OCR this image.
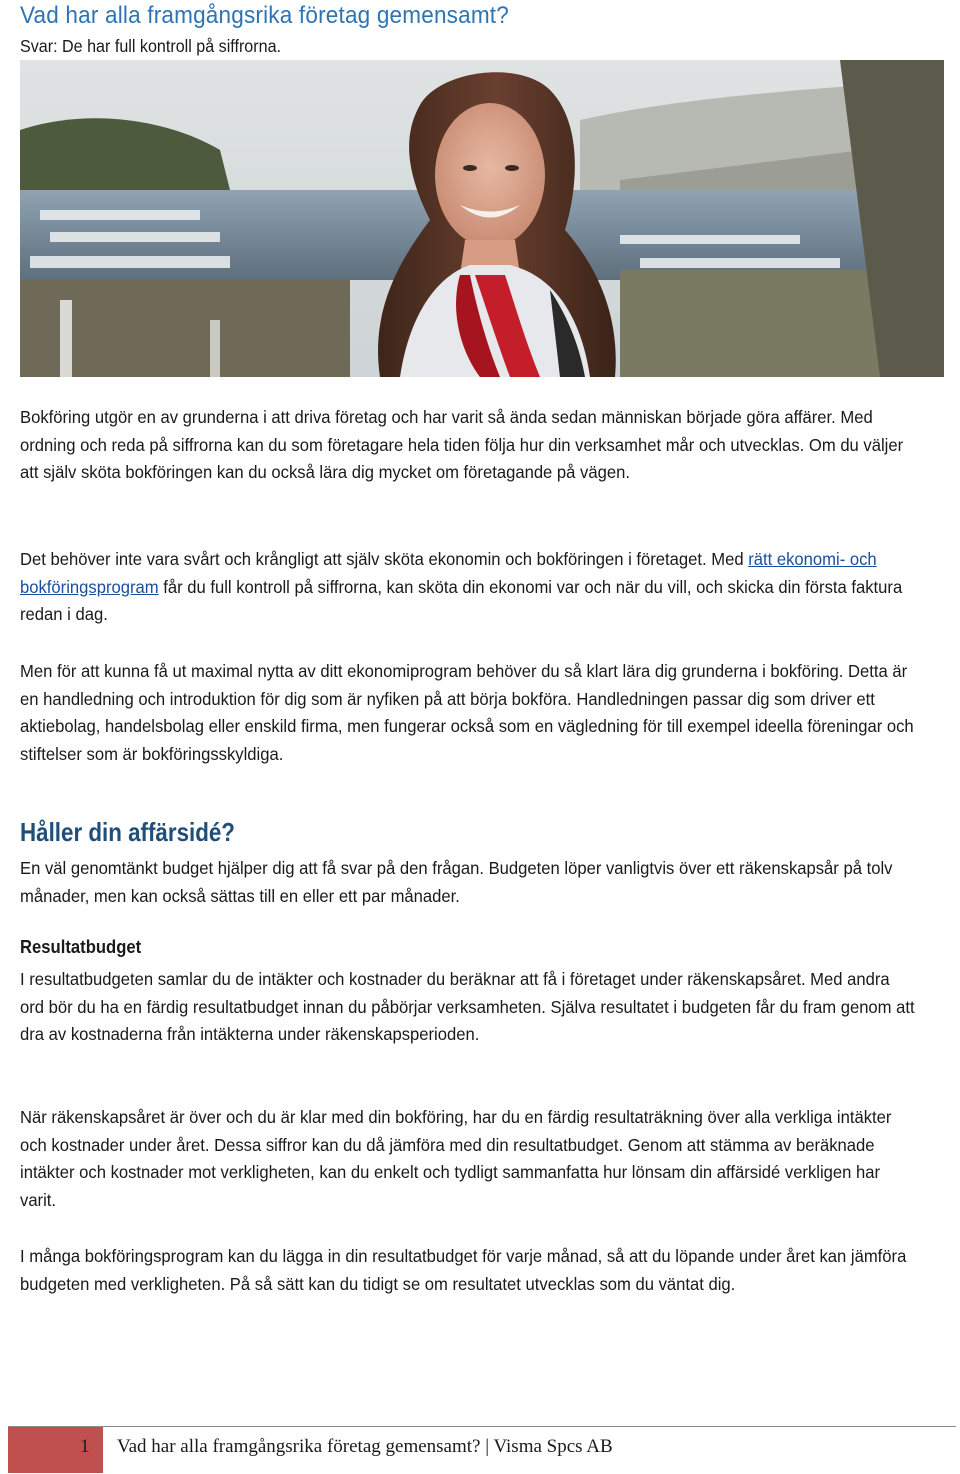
Vad har alla framgångsrika företag gemensamt?

Svar: De har full kontroll på siffrorna.

Bokföring utgör en av grunderna i att driva företag och har varit så ända sedan människan började göra affärer. Med ordning och reda på siffrorna kan du som företagare hela tiden följa hur din verksamhet mår och utvecklas. Om du väljer att själv sköta bokföringen kan du också lära dig mycket om företagande på vägen.

Det behöver inte vara svårt och krångligt att själv sköta ekonomin och bokföringen i företaget. Med rätt ekonomi- och bokföringsprogram får du full kontroll på siffrorna, kan sköta din ekonomi var och när du vill, och skicka din första faktura redan i dag.

Men för att kunna få ut maximal nytta av ditt ekonomiprogram behöver du så klart lära dig grunderna i bokföring. Detta är en handledning och introduktion för dig som är nyfiken på att börja bokföra. Handledningen passar dig som driver ett aktiebolag, handelsbolag eller enskild firma, men fungerar också som en vägledning för till exempel ideella föreningar och stiftelser som är bokföringsskyldiga.

Håller din affärsidé?

En väl genomtänkt budget hjälper dig att få svar på den frågan. Budgeten löper vanligtvis över ett räkenskapsår på tolv månader, men kan också sättas till en eller ett par månader.

Resultatbudget

I resultatbudgeten samlar du de intäkter och kostnader du beräknar att få i företaget under räkenskapsåret. Med andra ord bör du ha en färdig resultatbudget innan du påbörjar verksamheten. Själva resultatet i budgeten får du fram genom att dra av kostnaderna från intäkterna under räkenskapsperioden.

När räkenskapsåret är över och du är klar med din bokföring, har du en färdig resultaträkning över alla verkliga intäkter och kostnader under året. Dessa siffror kan du då jämföra med din resultatbudget. Genom att stämma av beräknade intäkter och kostnader mot verkligheten, kan du enkelt och tydligt sammanfatta hur lönsam din affärsidé verkligen har varit.

I många bokföringsprogram kan du lägga in din resultatbudget för varje månad, så att du löpande under året kan jämföra budgeten med verkligheten. På så sätt kan du tidigt se om resultatet utvecklas som du väntat dig.

1 Vad har alla framgångsrika företag gemensamt? | Visma Spcs AB
